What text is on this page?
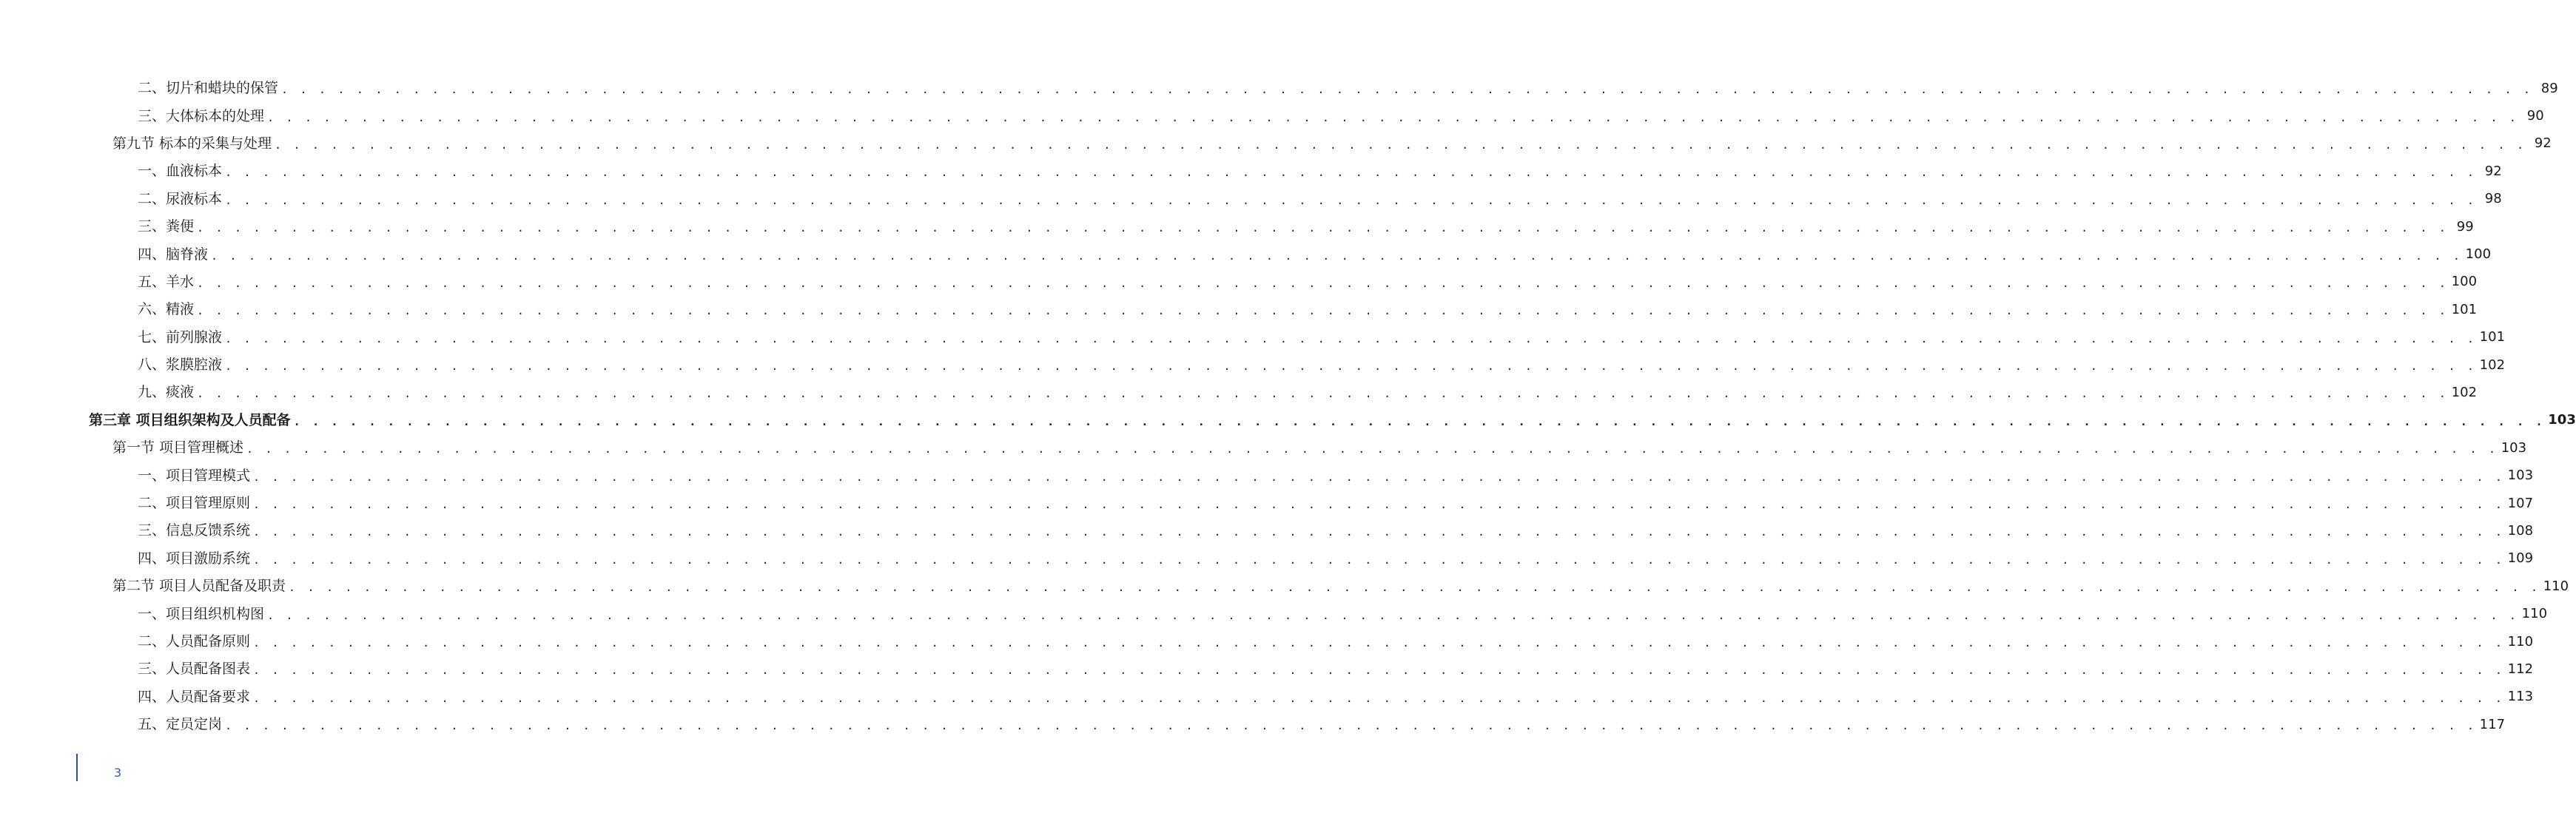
二、切片和蜡块的保管 . . . . . . . . . . . . . . . . . . . . . . . . . . . . . . . . . . . . . . . . . . . . . . . . . . . . . . . . . . . . . . . . . . . . . . . . . . . . . . . . . . . . . . . . . . . . . . . . . . . . . . . . . . . . . . . . . . . . . . . . 89
三、大体标本的处理 . . . . . . . . . . . . . . . . . . . . . . . . . . . . . . . . . . . . . . . . . . . . . . . . . . . . . . . . . . . . . . . . . . . . . . . . . . . . . . . . . . . . . . . . . . . . . . . . . . . . . . . . . . . . . . . . . . . . . . . . 90
第九节 标本的采集与处理 . . . . . . . . . . . . . . . . . . . . . . . . . . . . . . . . . . . . . . . . . . . . . . . . . . . . . . . . . . . . . . . . . . . . . . . . . . . . . . . . . . . . . . . . . . . . . . . . . . . . . . . . . . . . . . . . . . . . . . . . 92
一、血液标本 . . . . . . . . . . . . . . . . . . . . . . . . . . . . . . . . . . . . . . . . . . . . . . . . . . . . . . . . . . . . . . . . . . . . . . . . . . . . . . . . . . . . . . . . . . . . . . . . . . . . . . . . . . . . . . . . . . . . . . . . 92
二、尿液标本 . . . . . . . . . . . . . . . . . . . . . . . . . . . . . . . . . . . . . . . . . . . . . . . . . . . . . . . . . . . . . . . . . . . . . . . . . . . . . . . . . . . . . . . . . . . . . . . . . . . . . . . . . . . . . . . . . . . . . . . . 98
三、粪便 . . . . . . . . . . . . . . . . . . . . . . . . . . . . . . . . . . . . . . . . . . . . . . . . . . . . . . . . . . . . . . . . . . . . . . . . . . . . . . . . . . . . . . . . . . . . . . . . . . . . . . . . . . . . . . . . . . . . . . . . 99
四、脑脊液 . . . . . . . . . . . . . . . . . . . . . . . . . . . . . . . . . . . . . . . . . . . . . . . . . . . . . . . . . . . . . . . . . . . . . . . . . . . . . . . . . . . . . . . . . . . . . . . . . . . . . . . . . . . . . . . . . . . . . . . . 100
五、羊水 . . . . . . . . . . . . . . . . . . . . . . . . . . . . . . . . . . . . . . . . . . . . . . . . . . . . . . . . . . . . . . . . . . . . . . . . . . . . . . . . . . . . . . . . . . . . . . . . . . . . . . . . . . . . . . . . . . . . . . . . 100
六、精液 . . . . . . . . . . . . . . . . . . . . . . . . . . . . . . . . . . . . . . . . . . . . . . . . . . . . . . . . . . . . . . . . . . . . . . . . . . . . . . . . . . . . . . . . . . . . . . . . . . . . . . . . . . . . . . . . . . . . . . . . 101
七、前列腺液 . . . . . . . . . . . . . . . . . . . . . . . . . . . . . . . . . . . . . . . . . . . . . . . . . . . . . . . . . . . . . . . . . . . . . . . . . . . . . . . . . . . . . . . . . . . . . . . . . . . . . . . . . . . . . . . . . . . . . . . . 101
八、浆膜腔液 . . . . . . . . . . . . . . . . . . . . . . . . . . . . . . . . . . . . . . . . . . . . . . . . . . . . . . . . . . . . . . . . . . . . . . . . . . . . . . . . . . . . . . . . . . . . . . . . . . . . . . . . . . . . . . . . . . . . . . . . 102
九、痰液 . . . . . . . . . . . . . . . . . . . . . . . . . . . . . . . . . . . . . . . . . . . . . . . . . . . . . . . . . . . . . . . . . . . . . . . . . . . . . . . . . . . . . . . . . . . . . . . . . . . . . . . . . . . . . . . . . . . . . . . . 102
第三章 项目组织架构及人员配备 . . . . . . . . . . . . . . . . . . . . . . . . . . . . . . . . . . . . . . . . . . . . . . . . . . . . . . . . . . . . . . . . . . . . . . . . . . . . . . . . . . . . . . . . . . . . . . . . . . . . . . . . . . . . . . . . . . . . . . . . 103
第一节 项目管理概述 . . . . . . . . . . . . . . . . . . . . . . . . . . . . . . . . . . . . . . . . . . . . . . . . . . . . . . . . . . . . . . . . . . . . . . . . . . . . . . . . . . . . . . . . . . . . . . . . . . . . . . . . . . . . . . . . . . . . . . . . 103
一、项目管理模式 . . . . . . . . . . . . . . . . . . . . . . . . . . . . . . . . . . . . . . . . . . . . . . . . . . . . . . . . . . . . . . . . . . . . . . . . . . . . . . . . . . . . . . . . . . . . . . . . . . . . . . . . . . . . . . . . . . . . . . . . 103
二、项目管理原则 . . . . . . . . . . . . . . . . . . . . . . . . . . . . . . . . . . . . . . . . . . . . . . . . . . . . . . . . . . . . . . . . . . . . . . . . . . . . . . . . . . . . . . . . . . . . . . . . . . . . . . . . . . . . . . . . . . . . . . . . 107
三、信息反馈系统 . . . . . . . . . . . . . . . . . . . . . . . . . . . . . . . . . . . . . . . . . . . . . . . . . . . . . . . . . . . . . . . . . . . . . . . . . . . . . . . . . . . . . . . . . . . . . . . . . . . . . . . . . . . . . . . . . . . . . . . . 108
四、项目激励系统 . . . . . . . . . . . . . . . . . . . . . . . . . . . . . . . . . . . . . . . . . . . . . . . . . . . . . . . . . . . . . . . . . . . . . . . . . . . . . . . . . . . . . . . . . . . . . . . . . . . . . . . . . . . . . . . . . . . . . . . . 109
第二节 项目人员配备及职责 . . . . . . . . . . . . . . . . . . . . . . . . . . . . . . . . . . . . . . . . . . . . . . . . . . . . . . . . . . . . . . . . . . . . . . . . . . . . . . . . . . . . . . . . . . . . . . . . . . . . . . . . . . . . . . . . . . . . . . . . 110
一、项目组织机构图 . . . . . . . . . . . . . . . . . . . . . . . . . . . . . . . . . . . . . . . . . . . . . . . . . . . . . . . . . . . . . . . . . . . . . . . . . . . . . . . . . . . . . . . . . . . . . . . . . . . . . . . . . . . . . . . . . . . . . . . . 110
二、人员配备原则 . . . . . . . . . . . . . . . . . . . . . . . . . . . . . . . . . . . . . . . . . . . . . . . . . . . . . . . . . . . . . . . . . . . . . . . . . . . . . . . . . . . . . . . . . . . . . . . . . . . . . . . . . . . . . . . . . . . . . . . . 110
三、人员配备图表 . . . . . . . . . . . . . . . . . . . . . . . . . . . . . . . . . . . . . . . . . . . . . . . . . . . . . . . . . . . . . . . . . . . . . . . . . . . . . . . . . . . . . . . . . . . . . . . . . . . . . . . . . . . . . . . . . . . . . . . . 112
四、人员配备要求 . . . . . . . . . . . . . . . . . . . . . . . . . . . . . . . . . . . . . . . . . . . . . . . . . . . . . . . . . . . . . . . . . . . . . . . . . . . . . . . . . . . . . . . . . . . . . . . . . . . . . . . . . . . . . . . . . . . . . . . . 113
五、定员定岗 . . . . . . . . . . . . . . . . . . . . . . . . . . . . . . . . . . . . . . . . . . . . . . . . . . . . . . . . . . . . . . . . . . . . . . . . . . . . . . . . . . . . . . . . . . . . . . . . . . . . . . . . . . . . . . . . . . . . . . . . 117
3
